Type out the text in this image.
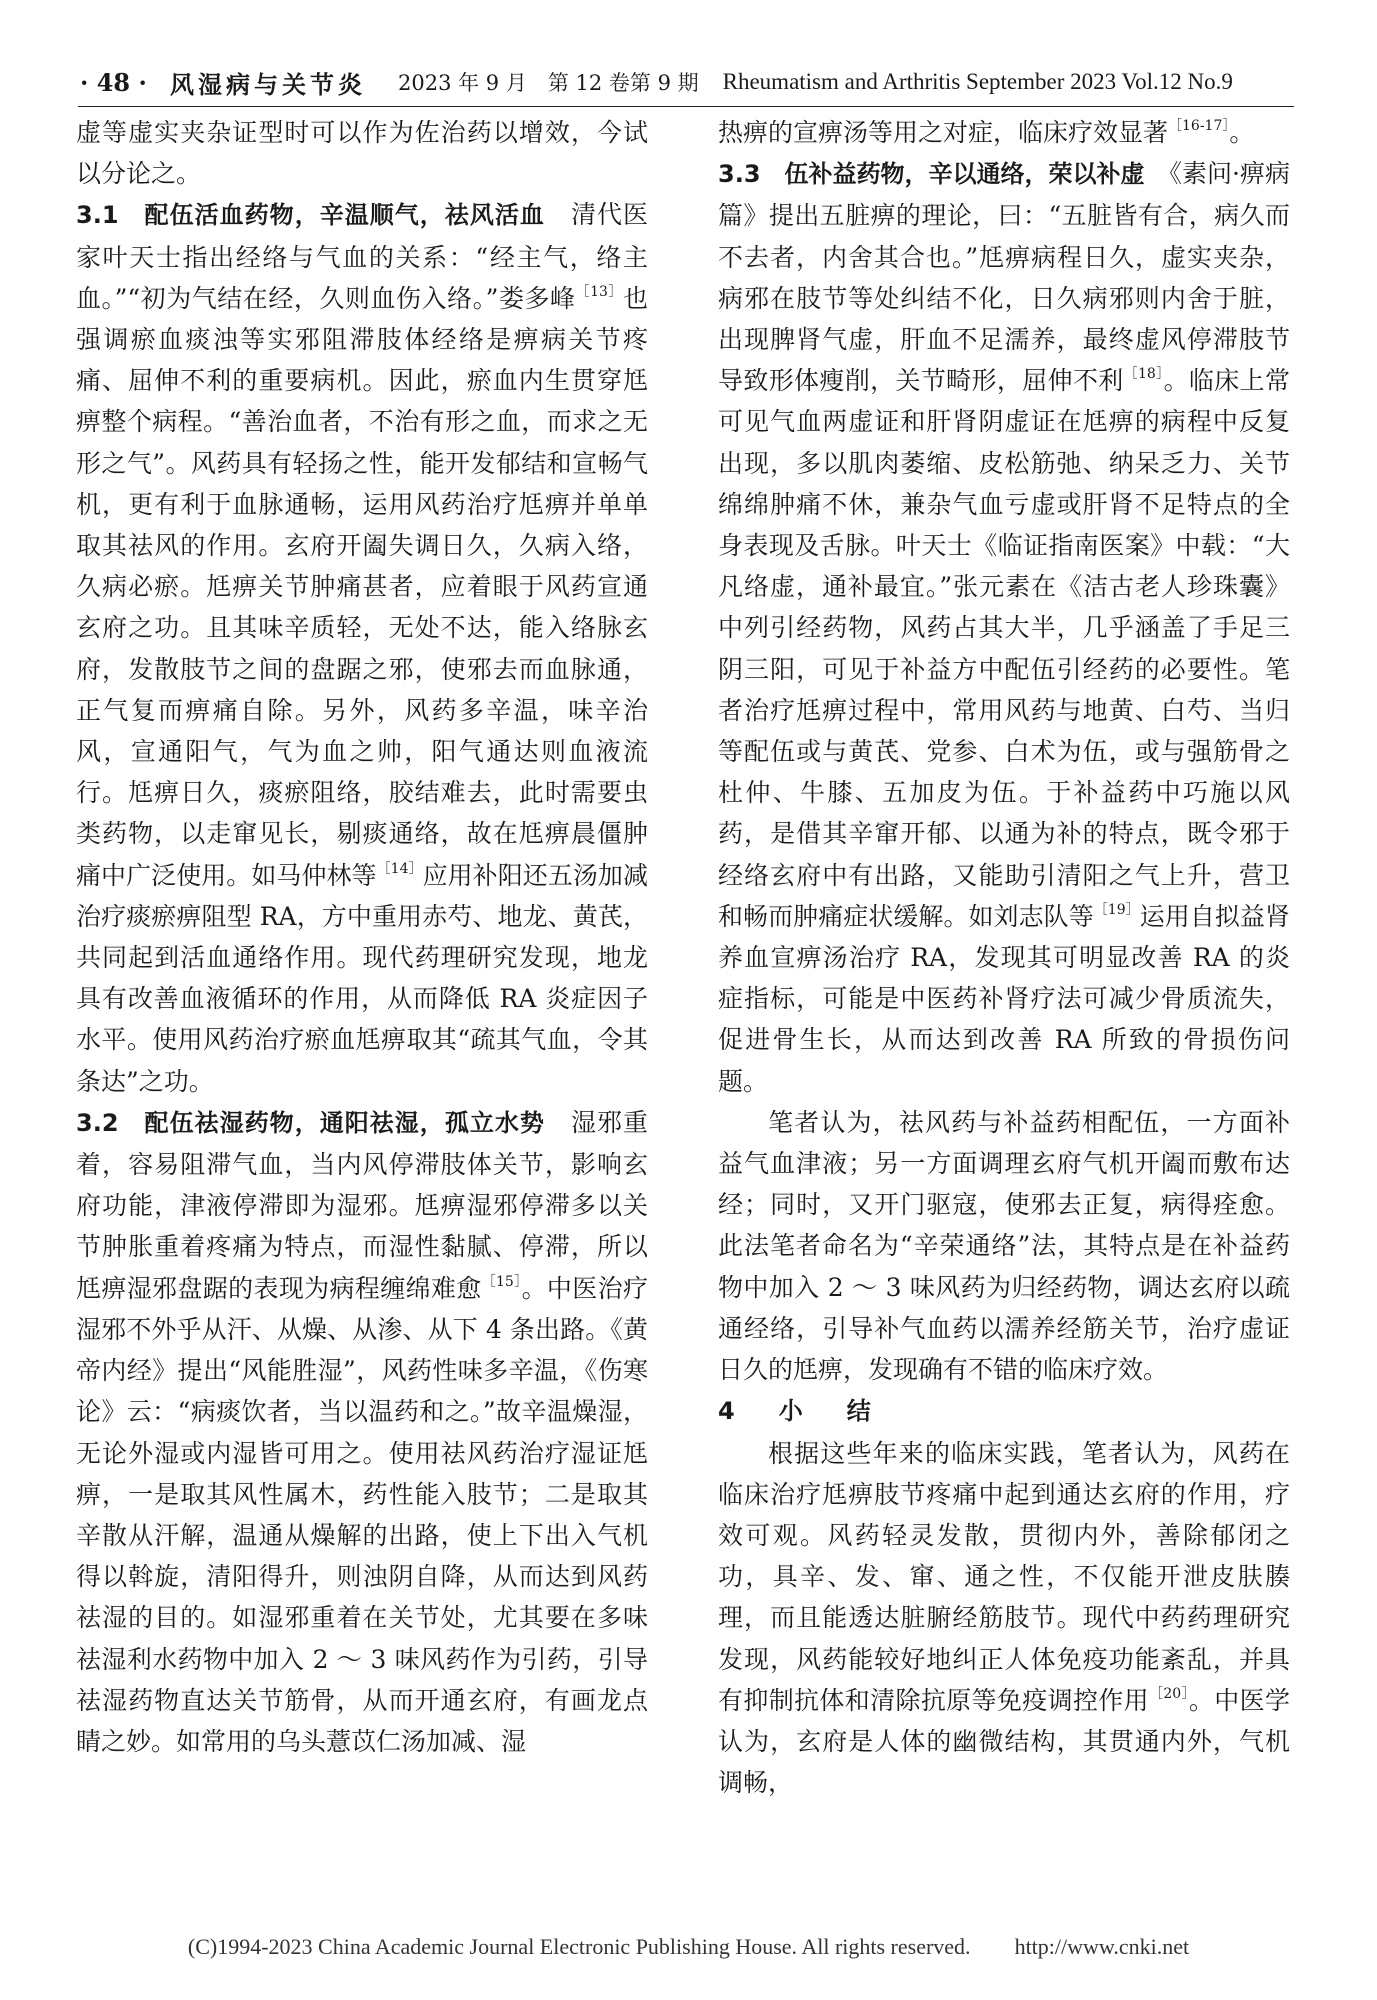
· 48 · 风湿病与关节炎 2023 年 9 月　第 12 卷第 9 期 Rheumatism and Arthritis September 2023 Vol.12 No.9

虚等虚实夹杂证型时可以作为佐治药以增效，今试以分论之。

3.1　配伍活血药物，辛温顺气，祛风活血　 清代医家叶天士指出经络与气血的关系：“经主气，络主血。”“初为气结在经，久则血伤入络。”娄多峰$^{[13]}$也强调瘀血痰浊等实邪阻滞肢体经络是痹病关节疼痛、屈伸不利的重要病机。因此，瘀血内生贯穿尪痹整个病程。“善治血者，不治有形之血，而求之无形之气”。风药具有轻扬之性，能开发郁结和宣畅气机，更有利于血脉通畅，运用风药治疗尪痹并单单取其祛风的作用。玄府开阖失调日久，久病入络，久病必瘀。尪痹关节肿痛甚者，应着眼于风药宣通玄府之功。且其味辛质轻，无处不达，能入络脉玄府，发散肢节之间的盘踞之邪，使邪去而血脉通，正气复而痹痛自除。另外，风药多辛温，味辛治风，宣通阳气，气为血之帅，阳气通达则血液流行。尪痹日久，痰瘀阻络，胶结难去，此时需要虫类药物，以走窜见长，剔痰通络，故在尪痹晨僵肿痛中广泛使用。如马仲林等$^{[14]}$应用补阳还五汤加减治疗痰瘀痹阻型 RA，方中重用赤芍、地龙、黄芪，共同起到活血通络作用。现代药理研究发现，地龙具有改善血液循环的作用，从而降低 RA 炎症因子水平。使用风药治疗瘀血尪痹取其“疏其气血，令其条达”之功。

3.2　配伍祛湿药物，通阳祛湿，孤立水势　 湿邪重着，容易阻滞气血，当内风停滞肢体关节，影响玄府功能，津液停滞即为湿邪。尪痹湿邪停滞多以关节肿胀重着疼痛为特点，而湿性黏腻、停滞，所以尪痹湿邪盘踞的表现为病程缠绵难愈$^{[15]}$。中医治疗湿邪不外乎从汗、从燥、从渗、从下 4 条出路。《黄帝内经》提出“风能胜湿”，风药性味多辛温，《伤寒论》云：“病痰饮者，当以温药和之。”故辛温燥湿，无论外湿或内湿皆可用之。使用祛风药治疗湿证尪痹，一是取其风性属木，药性能入肢节；二是取其辛散从汗解，温通从燥解的出路，使上下出入气机得以斡旋，清阳得升，则浊阴自降，从而达到风药祛湿的目的。如湿邪重着在关节处，尤其要在多味祛湿利水药物中加入 2 ～ 3 味风药作为引药，引导祛湿药物直达关节筋骨，从而开通玄府，有画龙点睛之妙。如常用的乌头薏苡仁汤加减、湿

热痹的宣痹汤等用之对症，临床疗效显著$^{[16-17]}$。

3.3　伍补益药物，辛以通络，荣以补虚　 《素问·痹病篇》提出五脏痹的理论，曰：“五脏皆有合，病久而不去者，内舍其合也。”尪痹病程日久，虚实夹杂，病邪在肢节等处纠结不化，日久病邪则内舍于脏，出现脾肾气虚，肝血不足濡养，最终虚风停滞肢节导致形体瘦削，关节畸形，屈伸不利$^{[18]}$。临床上常可见气血两虚证和肝肾阴虚证在尪痹的病程中反复出现，多以肌肉萎缩、皮松筋弛、纳呆乏力、关节绵绵肿痛不休，兼杂气血亏虚或肝肾不足特点的全身表现及舌脉。叶天士《临证指南医案》中载：“大凡络虚，通补最宜。”张元素在《洁古老人珍珠囊》中列引经药物，风药占其大半，几乎涵盖了手足三阴三阳，可见于补益方中配伍引经药的必要性。笔者治疗尪痹过程中，常用风药与地黄、白芍、当归等配伍或与黄芪、党参、白术为伍，或与强筋骨之杜仲、牛膝、五加皮为伍。于补益药中巧施以风药，是借其辛窜开郁、以通为补的特点，既令邪于经络玄府中有出路，又能助引清阳之气上升，营卫和畅而肿痛症状缓解。如刘志队等$^{[19]}$运用自拟益肾养血宣痹汤治疗 RA，发现其可明显改善 RA 的炎症指标，可能是中医药补肾疗法可减少骨质流失，促进骨生长，从而达到改善 RA 所致的骨损伤问题。

笔者认为，祛风药与补益药相配伍，一方面补益气血津液；另一方面调理玄府气机开阖而敷布达经；同时，又开门驱寇，使邪去正复，病得痊愈。此法笔者命名为“辛荣通络”法，其特点是在补益药物中加入 2 ～ 3 味风药为归经药物，调达玄府以疏通经络，引导补气血药以濡养经筋关节，治疗虚证日久的尪痹，发现确有不错的临床疗效。

4　小　结

根据这些年来的临床实践，笔者认为，风药在临床治疗尪痹肢节疼痛中起到通达玄府的作用，疗效可观。风药轻灵发散，贯彻内外，善除郁闭之功，具辛、发、窜、通之性，不仅能开泄皮肤腠理，而且能透达脏腑经筋肢节。现代中药药理研究发现，风药能较好地纠正人体免疫功能紊乱，并具有抑制抗体和清除抗原等免疫调控作用$^{[20]}$。中医学认为，玄府是人体的幽微结构，其贯通内外，气机调畅，

(C)1994-2023 China Academic Journal Electronic Publishing House. All rights reserved. http://www.cnki.net
